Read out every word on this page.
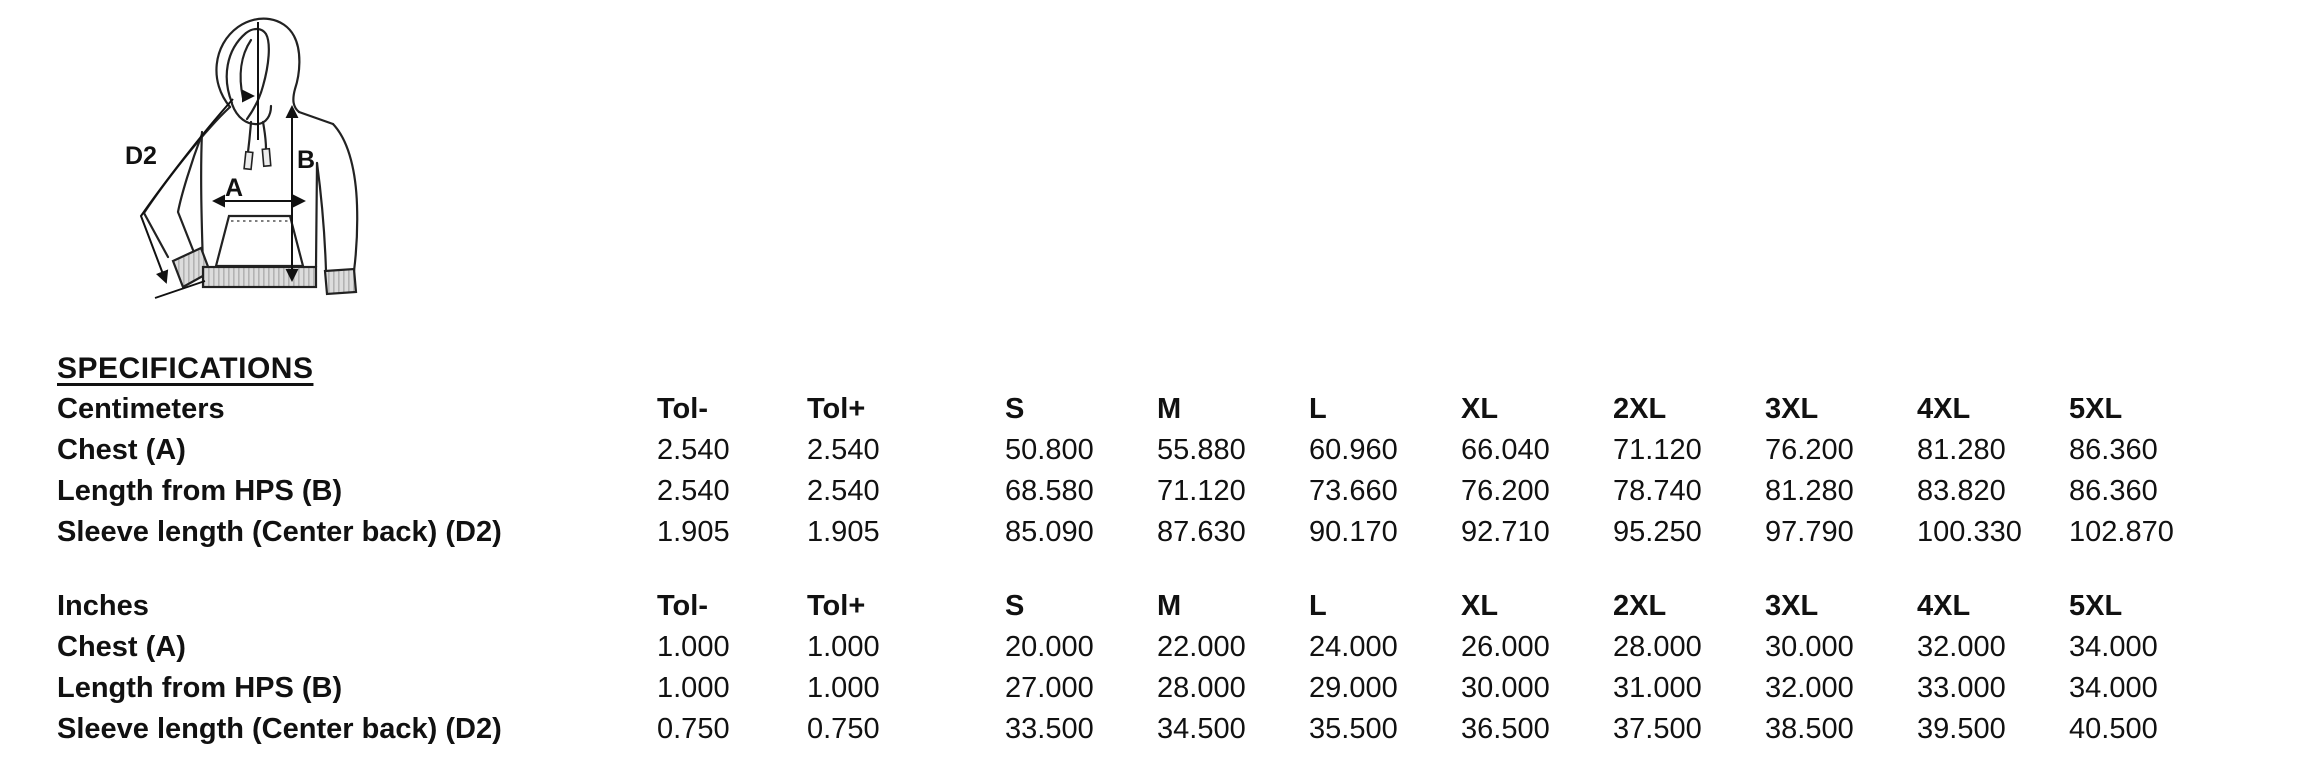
A
B
D2
SPECIFICATIONS
Centimeters	Tol-	Tol+	S	M	L	XL	2XL	3XL	4XL	5XL
Chest (A)	2.540	2.540	50.800	55.880	60.960	66.040	71.120	76.200	81.280	86.360
Length from HPS (B)	2.540	2.540	68.580	71.120	73.660	76.200	78.740	81.280	83.820	86.360
Sleeve length (Center back) (D2)	1.905	1.905	85.090	87.630	90.170	92.710	95.250	97.790	100.330	102.870
Inches	Tol-	Tol+	S	M	L	XL	2XL	3XL	4XL	5XL
Chest (A)	1.000	1.000	20.000	22.000	24.000	26.000	28.000	30.000	32.000	34.000
Length from HPS (B)	1.000	1.000	27.000	28.000	29.000	30.000	31.000	32.000	33.000	34.000
Sleeve length (Center back) (D2)	0.750	0.750	33.500	34.500	35.500	36.500	37.500	38.500	39.500	40.500
